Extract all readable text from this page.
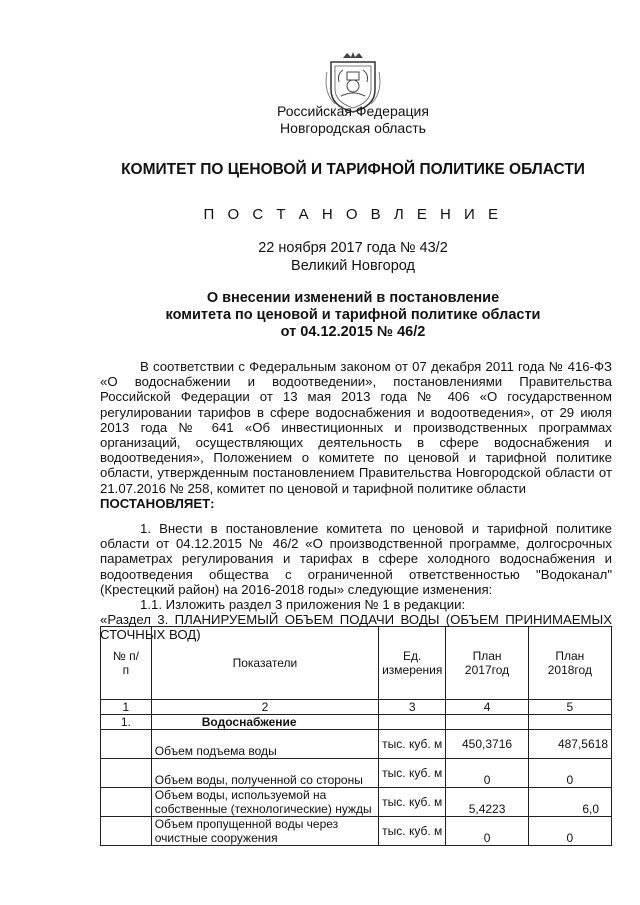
Российская Федерация
Новгородская область
КОМИТЕТ ПО ЦЕНОВОЙ И ТАРИФНОЙ ПОЛИТИКЕ ОБЛАСТИ
П О С Т А Н О В Л Е Н И Е
22 ноября 2017 года № 43/2
Великий Новгород
О внесении изменений в постановление
комитета по ценовой и тарифной политике области
от 04.12.2015 № 46/2
В соответствии с Федеральным законом от 07 декабря 2011 года № 416-ФЗ
«О водоснабжении и водоотведении», постановлениями Правительства
Российской Федерации от 13 мая 2013 года № 406 «О государственном
регулировании тарифов в сфере водоснабжения и водоотведения», от 29 июля
2013 года № 641 «Об инвестиционных и производственных программах
организаций, осуществляющих деятельность в сфере водоснабжения и
водоотведения», Положением о комитете по ценовой и тарифной политике
области, утвержденным постановлением Правительства Новгородской области от
21.07.2016 № 258, комитет по ценовой и тарифной политике области
ПОСТАНОВЛЯЕТ:
1. Внести в постановление комитета по ценовой и тарифной политике
области от 04.12.2015 № 46/2 «О производственной программе, долгосрочных
параметрах регулирования и тарифах в сфере холодного водоснабжения и
водоотведения общества с ограниченной ответственностью "Водоканал"
(Крестецкий район) на 2016-2018 годы» следующие изменения:
1.1. Изложить раздел 3 приложения № 1 в редакции:
«Раздел 3. ПЛАНИРУЕМЫЙ ОБЪЕМ ПОДАЧИ ВОДЫ (ОБЪЕМ ПРИНИМАЕМЫХ
СТОЧНЫХ ВОД)
№ п/п	Показатели	Ед. измерения	План 2017год	План 2018год
1	2	3	4	5
1.	Водоснабжение			
	Объем подъема воды	тыс. куб. м	450,3716	487,5618
	Объем воды, полученной со стороны	тыс. куб. м	0	0
	Объем воды, используемой на собственные (технологические) нужды	тыс. куб. м	5,4223	6,0
	Объем пропущенной воды через очистные сооружения	тыс. куб. м	0	0
